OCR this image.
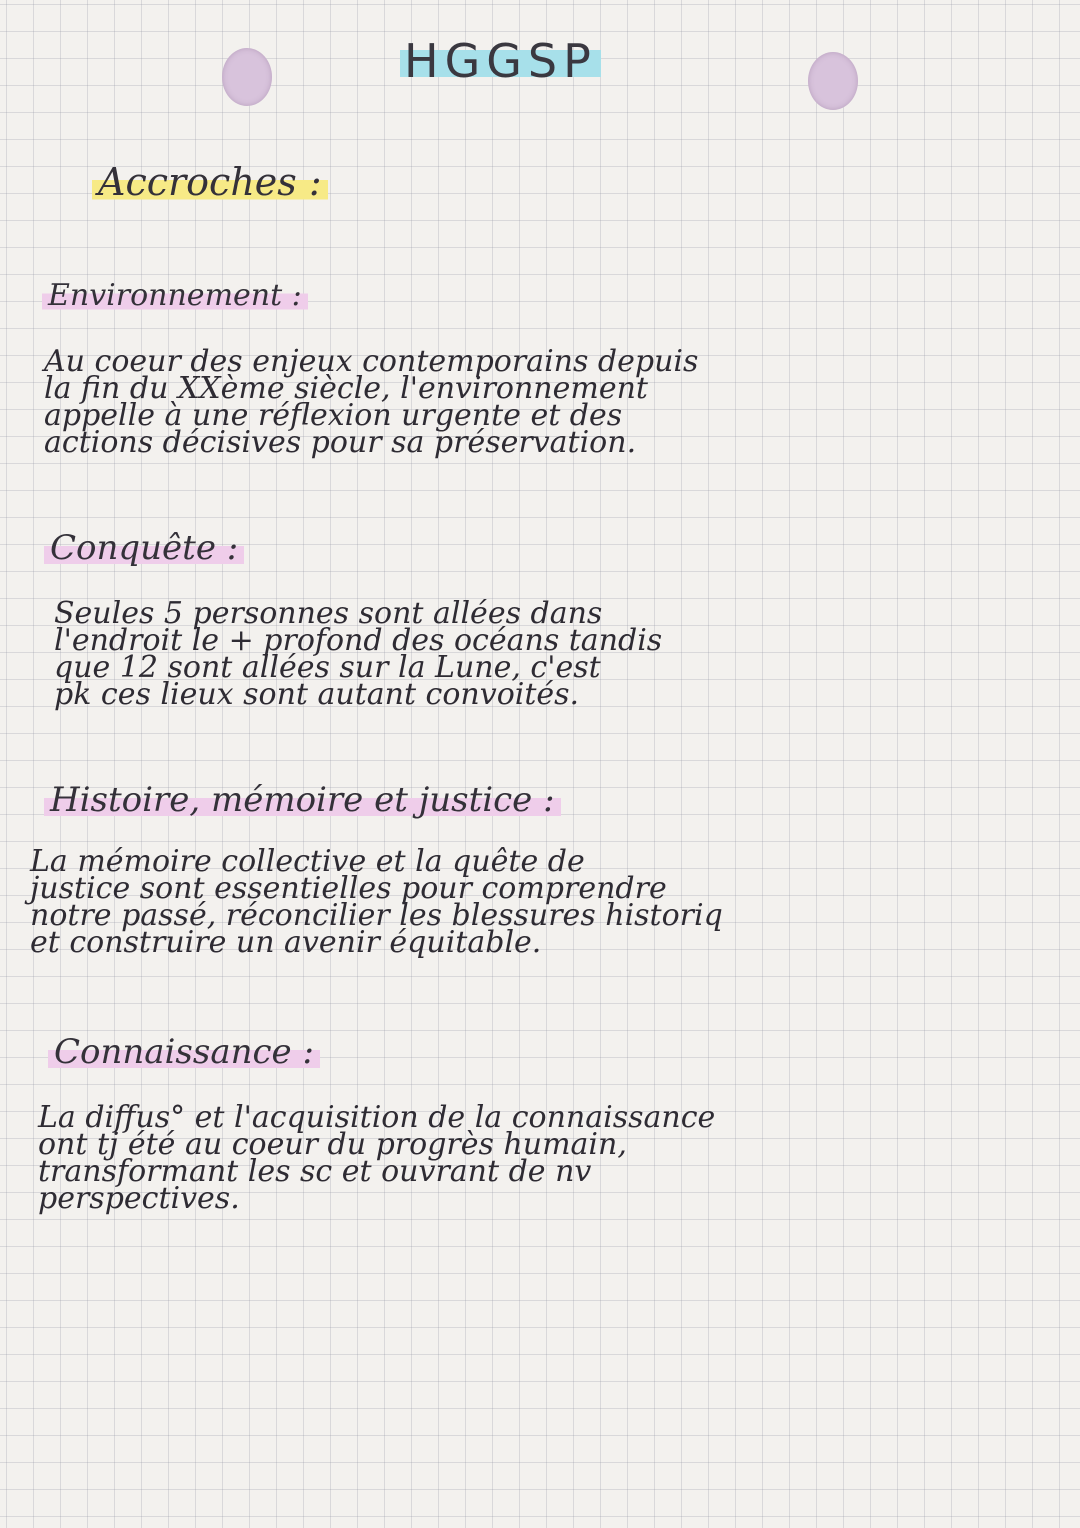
HGGSP
Accroches :
Environnement :
Au coeur des enjeux contemporains depuis
la fin du XXème siècle, l'environnement
appelle à une réflexion urgente et des
actions décisives pour sa préservation.
Conquête :
Seules 5 personnes sont allées dans
l'endroit le + profond des océans tandis
que 12 sont allées sur la Lune, c'est
pk ces lieux sont autant convoités.
Histoire, mémoire et justice :
La mémoire collective et la quête de
justice sont essentielles pour comprendre
notre passé, réconcilier les blessures historiq
et construire un avenir équitable.
Connaissance :
La diffus° et l'acquisition de la connaissance
ont tj été au coeur du progrès humain,
transformant les sc et ouvrant de nv
perspectives.
